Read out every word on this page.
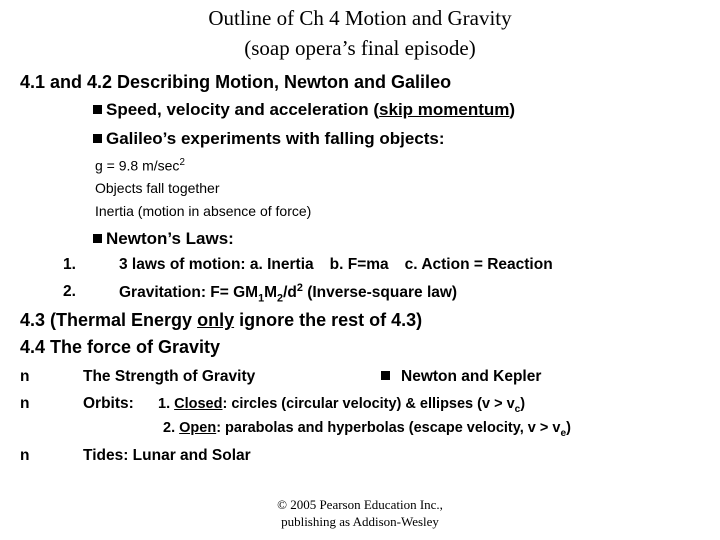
Outline of Ch 4 Motion and Gravity
(soap opera’s final episode)
4.1 and 4.2 Describing Motion, Newton and Galileo
Speed, velocity and acceleration (skip momentum)
Galileo’s experiments with falling objects:
g = 9.8 $m/\sec^2$
Objects fall together
Inertia (motion in absence of force)
Newton’s Laws:
1.	3 laws of motion: a. Inertia b. F=ma c. Action = Reaction
2.	Gravitation: $F= GM_1M_2/d^2$ (Inverse-square law)
4.3 (Thermal Energy only ignore the rest of 4.3)
4.4 The force of Gravity
n	The Strength of Gravity	Newton and Kepler
n	Orbits: 1. Closed: circles (circular velocity) & ellipses $(v > v_c)$
2. Open: parabolas and hyperbolas (escape velocity, $v > v_e$)
n	Tides: Lunar and Solar
© 2005 Pearson Education Inc.,
publishing as Addison-Wesley
